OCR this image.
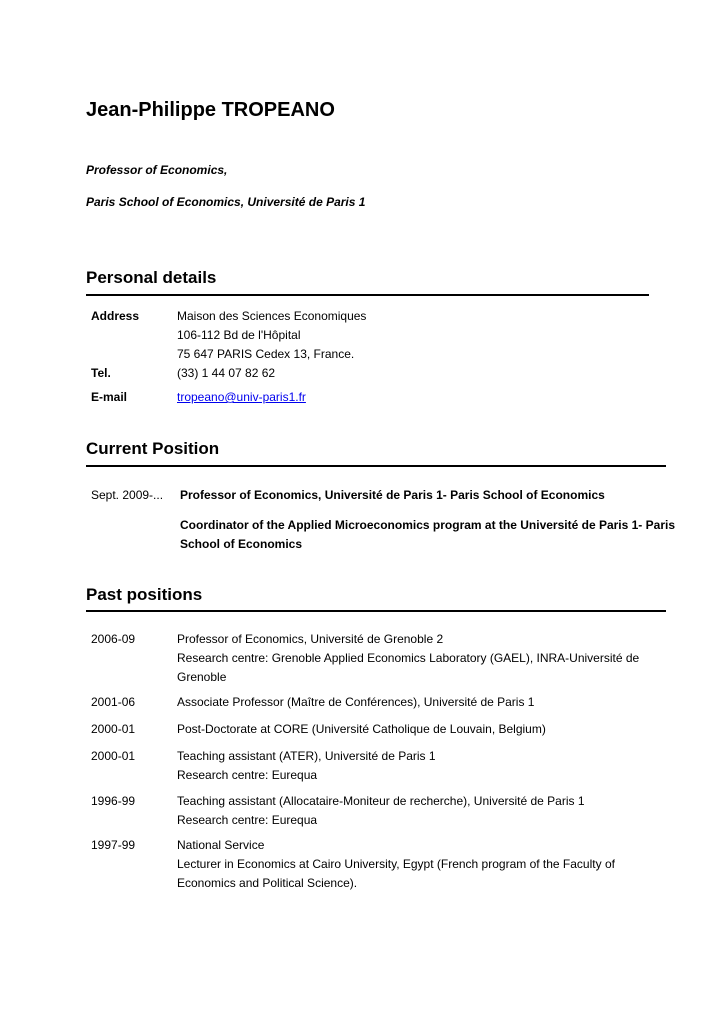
Jean-Philippe TROPEANO
Professor of Economics,
Paris School of Economics, Université de Paris 1
Personal details
Address	Maison des Sciences Economiques
106-112 Bd de l'Hôpital
75 647 PARIS Cedex 13, France.
Tel.	(33) 1 44 07 82 62
E-mail	tropeano@univ-paris1.fr
Current Position
Sept. 2009-... Professor of Economics, Université de Paris 1- Paris School of Economics
Coordinator of the Applied Microeconomics program at the Université de Paris 1- Paris
School of Economics
Past positions
2006-09	Professor of Economics, Université de Grenoble 2
Research centre: Grenoble Applied Economics Laboratory (GAEL), INRA-Université de
Grenoble
2001-06	Associate Professor (Maître de Conférences), Université de Paris 1
2000-01	Post-Doctorate at CORE (Université Catholique de Louvain, Belgium)
2000-01	Teaching assistant (ATER), Université de Paris 1
Research centre: Eurequa
1996-99	Teaching assistant (Allocataire-Moniteur de recherche), Université de Paris 1
Research centre: Eurequa
1997-99	National Service
Lecturer in Economics at Cairo University, Egypt (French program of the Faculty of
Economics and Political Science).
